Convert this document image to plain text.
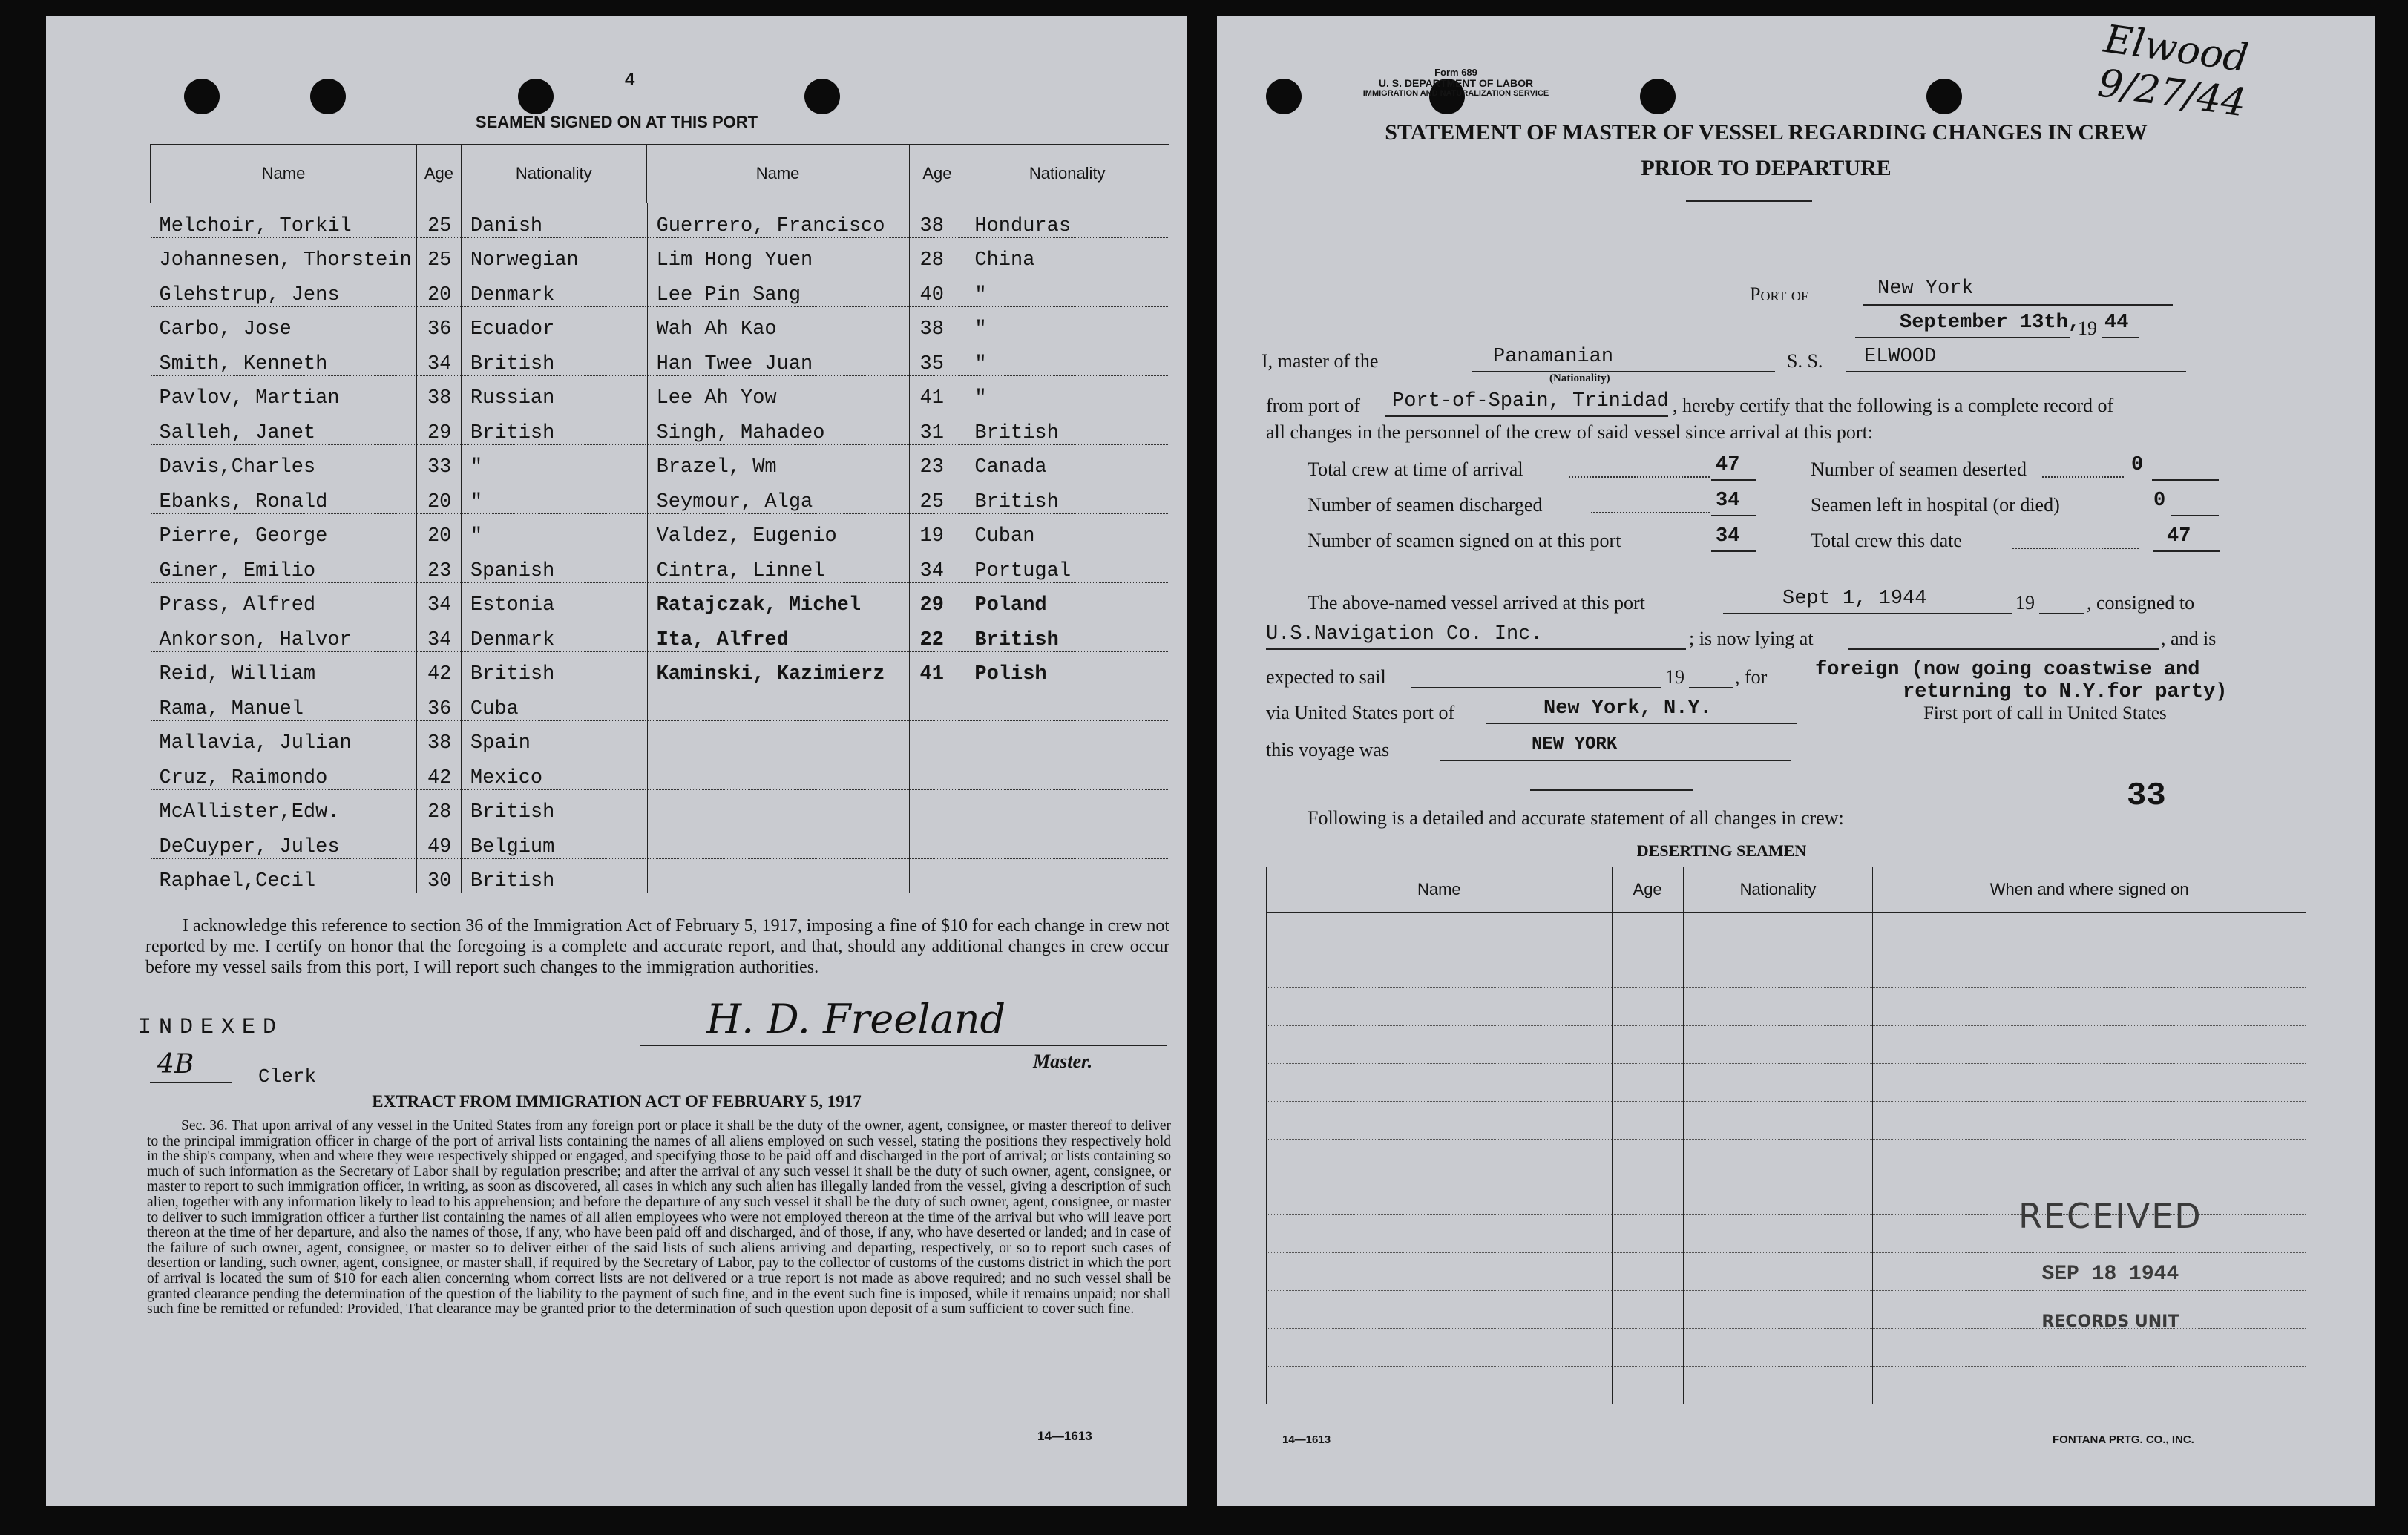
4
SEAMEN SIGNED ON AT THIS PORT
Name	Age	Nationality	Name	Age	Nationality
Melchoir, Torkil	25	Danish	Guerrero, Francisco	38	Honduras
Johannesen, Thorstein	25	Norwegian	Lim Hong Yuen	28	China
Glehstrup, Jens	20	Denmark	Lee Pin Sang	40	"
Carbo, Jose	36	Ecuador	Wah Ah Kao	38	"
Smith, Kenneth	34	British	Han Twee Juan	35	"
Pavlov, Martian	38	Russian	Lee Ah Yow	41	"
Salleh, Janet	29	British	Singh, Mahadeo	31	British
Davis,Charles	33	"	Brazel, Wm	23	Canada
Ebanks, Ronald	20	"	Seymour, Alga	25	British
Pierre, George	20	"	Valdez, Eugenio	19	Cuban
Giner, Emilio	23	Spanish	Cintra, Linnel	34	Portugal
Prass, Alfred	34	Estonia	Ratajczak, Michel	29	Poland
Ankorson, Halvor	34	Denmark	Ita, Alfred	22	British
Reid, William	42	British	Kaminski, Kazimierz	41	Polish
Rama, Manuel	36	Cuba			
Mallavia, Julian	38	Spain			
Cruz, Raimondo	42	Mexico			
McAllister,Edw.	28	British			
DeCuyper, Jules	49	Belgium			
Raphael,Cecil	30	British			
I acknowledge this reference to section 36 of the Immigration Act of February 5, 1917, imposing a fine of $10 for each change in crew not reported by me. I certify on honor that the foregoing is a complete and accurate report, and that, should any additional changes in crew occur before my vessel sails from this port, I will report such changes to the immigration authorities.
INDEXED
4B	Clerk
H. D. Freeland
Master.
EXTRACT FROM IMMIGRATION ACT OF FEBRUARY 5, 1917
Sec. 36. That upon arrival of any vessel in the United States from any foreign port or place it shall be the duty of the owner, agent, consignee, or master thereof to deliver to the principal immigration officer in charge of the port of arrival lists containing the names of all aliens employed on such vessel, stating the positions they respectively hold in the ship's company, when and where they were respectively shipped or engaged, and specifying those to be paid off and discharged in the port of arrival; or lists containing so much of such information as the Secretary of Labor shall by regulation prescribe; and after the arrival of any such vessel it shall be the duty of such owner, agent, consignee, or master to report to such immigration officer, in writing, as soon as discovered, all cases in which any such alien has illegally landed from the vessel, giving a description of such alien, together with any information likely to lead to his apprehension; and before the departure of any such vessel it shall be the duty of such owner, agent, consignee, or master to deliver to such immigration officer a further list containing the names of all alien employees who were not employed thereon at the time of the arrival but who will leave port thereon at the time of her departure, and also the names of those, if any, who have been paid off and discharged, and of those, if any, who have deserted or landed; and in case of the failure of such owner, agent, consignee, or master so to deliver either of the said lists of such aliens arriving and departing, respectively, or so to report such cases of desertion or landing, such owner, agent, consignee, or master shall, if required by the Secretary of Labor, pay to the collector of customs of the customs district in which the port of arrival is located the sum of $10 for each alien concerning whom correct lists are not delivered or a true report is not made as above required; and no such vessel shall be granted clearance pending the determination of the question of the liability to the payment of such fine, and in the event such fine is imposed, while it remains unpaid; nor shall such fine be remitted or refunded: Provided, That clearance may be granted prior to the determination of such question upon deposit of a sum sufficient to cover such fine.
14—1613
Form 689
U. S. DEPARTMENT OF LABOR
IMMIGRATION AND NATURALIZATION SERVICE
Elwood 9/27/44
STATEMENT OF MASTER OF VESSEL REGARDING CHANGES IN CREW
PRIOR TO DEPARTURE
Port of	New York
September 13th,
19 44
I, master of the	Panamanian
(Nationality)
S. S. ELWOOD
from port of Port-of-Spain, Trinidad , hereby certify that the following is a complete record of
all changes in the personnel of the crew of said vessel since arrival at this port:
Total crew at time of arrival	47	Number of seamen deserted	0
Number of seamen discharged	34	Seamen left in hospital (or died)	0
Number of seamen signed on at this port	34	Total crew this date	47
The above-named vessel arrived at this port	Sept 1, 1944	19	, consigned to
U.S.Navigation Co. Inc.	; is now lying at	, and is
expected to sail	19	, for foreign (now going coastwise and
returning to N.Y.for party)
via United States port of	New York, N.Y.	First port of call in United States
this voyage was	NEW YORK
33
Following is a detailed and accurate statement of all changes in crew:
DESERTING SEAMEN
Name	Age	Nationality	When and where signed on

RECEIVED
SEP 18 1944
RECORDS UNIT
14—1613	FONTANA PRTG. CO., INC.
